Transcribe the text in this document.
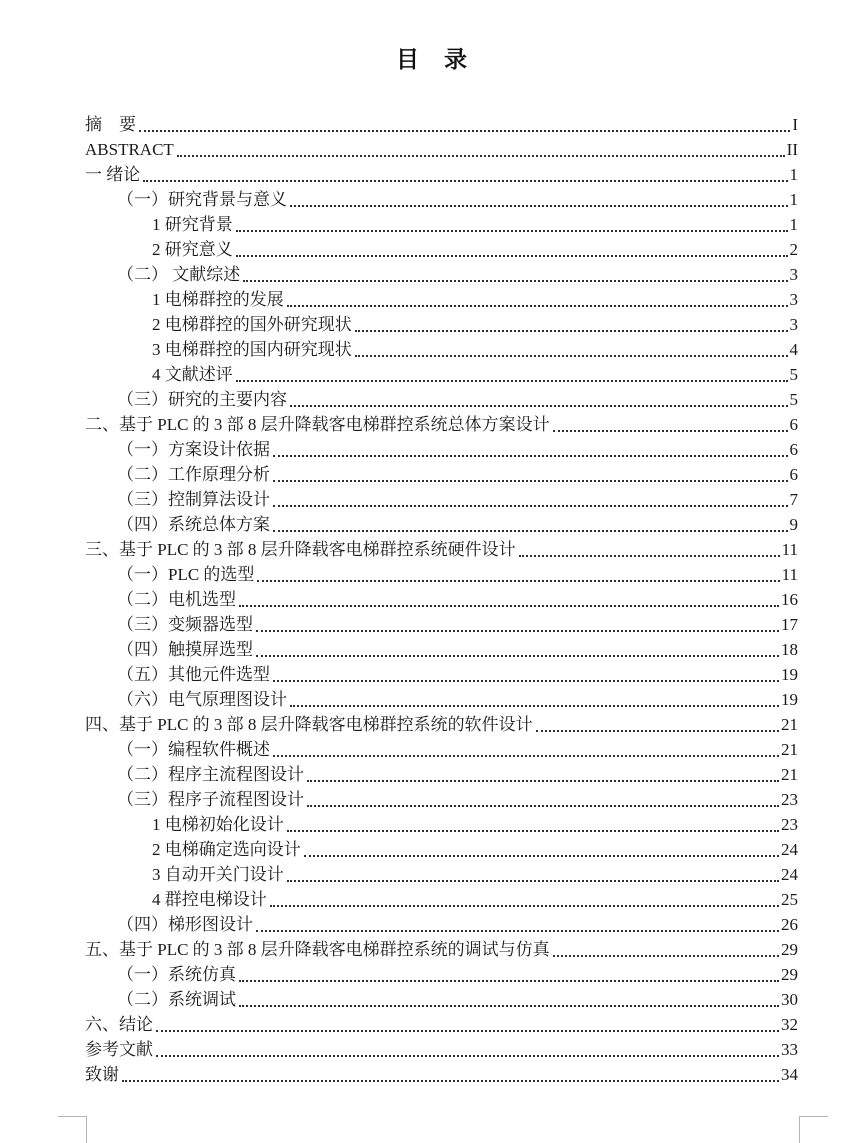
目　录
摘　要	I
ABSTRACT	II
一 绪论	1
（一）研究背景与意义	1
1 研究背景	1
2 研究意义	2
（二） 文献综述	3
1 电梯群控的发展	3
2 电梯群控的国外研究现状	3
3 电梯群控的国内研究现状	4
4 文献述评	5
（三）研究的主要内容	5
二、基于 PLC 的 3 部 8 层升降载客电梯群控系统总体方案设计	6
（一）方案设计依据	6
（二）工作原理分析	6
（三）控制算法设计	7
（四）系统总体方案	9
三、基于 PLC 的 3 部 8 层升降载客电梯群控系统硬件设计	11
（一）PLC 的选型	11
（二）电机选型	16
（三）变频器选型	17
（四）触摸屏选型	18
（五）其他元件选型	19
（六）电气原理图设计	19
四、基于 PLC 的 3 部 8 层升降载客电梯群控系统的软件设计	21
（一）编程软件概述	21
（二）程序主流程图设计	21
（三）程序子流程图设计	23
1 电梯初始化设计	23
2 电梯确定选向设计	24
3 自动开关门设计	24
4 群控电梯设计	25
（四）梯形图设计	26
五、基于 PLC 的 3 部 8 层升降载客电梯群控系统的调试与仿真	29
（一）系统仿真	29
（二）系统调试	30
六、结论	32
参考文献	33
致谢	34
